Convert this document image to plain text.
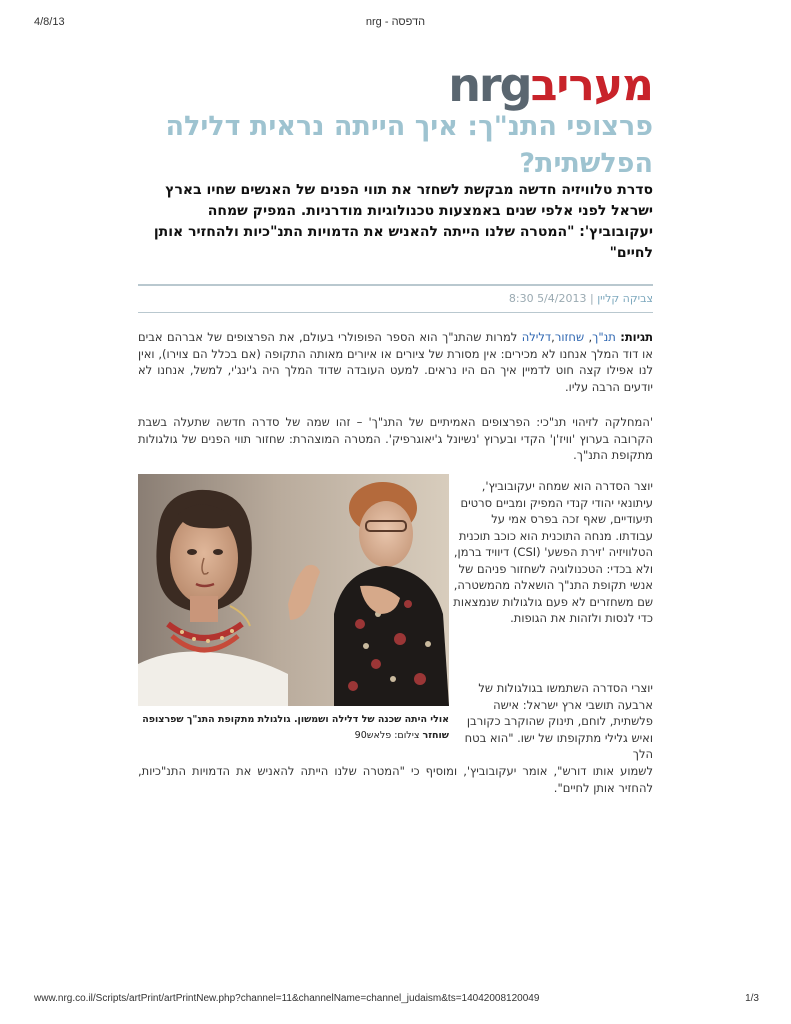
4/8/13	הדפסה - nrg
nrg מעריב
פרצופי התנ"ך: איך הייתה נראית דלילה הפלשתית?
סדרת טלוויזיה חדשה מבקשת לשחזר את תווי הפנים של האנשים שחיו בארץ ישראל לפני אלפי שנים באמצעות טכנולוגיות מודרניות. המפיק שמחה יעקובוביץ': "המטרה שלנו הייתה להאניש את הדמויות התנ"כיות ולהחזיר אותן לחיים"
צביקה קליין | 5/4/2013 8:30
תגיות: תנ"ך, שחזור,דלילה למרות שהתנ"ך הוא הספר הפופולרי בעולם, את הפרצופים של אברהם אבים או דוד המלך אנחנו לא מכירים: אין מסורת של ציורים או איורים מאותה התקופה (אם בכלל הם צוירו), ואין לנו אפילו קצה חוט לדמיין איך הם היו נראים. למעט העובדה שדוד המלך היה ג'ינג'י, למשל, אנחנו לא יודעים הרבה עליו.
'המחלקה לזיהוי תנ"כי: הפרצופים האמיתיים של התנ"ך' – זהו שמה של סדרה חדשה שתעלה בשבת הקרובה בערוץ 'וויז'ן' הקדי ובערוץ 'נשיונל ג'יאוגרפיק'. המטרה המוצהרת: שחזור תווי הפנים של גולגולות מתקופת התנ"ך.
יוצר הסדרה הוא שמחה יעקובוביץ', עיתונאי יהודי קנדי המפיק ומביים סרטים תיעודיים, שאף זכה בפרס אמי על עבודתו. מנחה התוכנית הוא כוכב תוכנית הטלוויזיה 'זירת הפשע' (CSI) דיוויד ברמן, ולא בכדי: הטכנולוגיה לשחזור פניהם של אנשי תקופת התנ"ך הושאלה מהמשטרה, שם משחזרים לא פעם גולגולות שנמצאות כדי לנסות ולזהות את הגופות.
יוצרי הסדרה השתמשו בגולגולות של ארבעה תושבי ארץ ישראל: אישה פלשתית, לוחם, תינוק שהוקרב כקורבן ואיש גלילי מתקופתו של ישו. "הוא בטח הלך
אולי היתה שכנה של דלילה ושמשון. גולגולת מתקופת התנ"ך שפרצופה שוחזר צילום: פלאש90
לשמוע אותו דורש", אומר יעקובוביץ', ומוסיף כי "המטרה שלנו הייתה להאניש את הדמויות התנ"כיות, להחזיר אותן לחיים".
www.nrg.co.il/Scripts/artPrint/artPrintNew.php?channel=11&channelName=channel_judaism&ts=14042008120049	1/3
